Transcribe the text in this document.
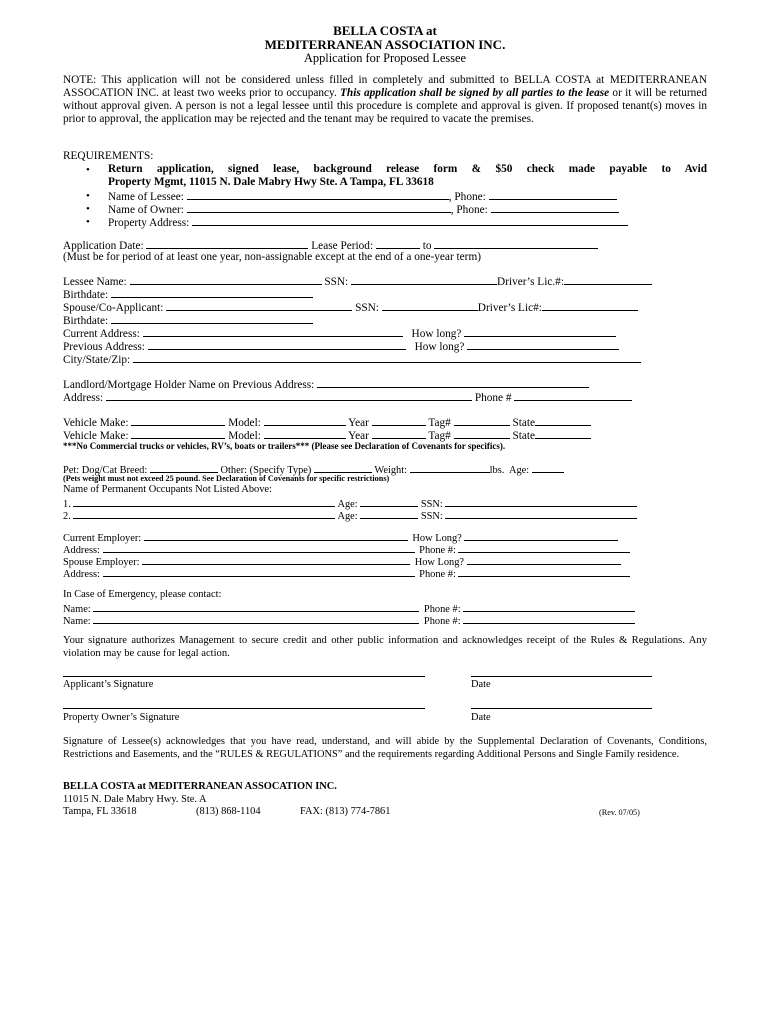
BELLA COSTA at
MEDITERRANEAN ASSOCIATION INC.
Application for Proposed Lessee
NOTE: This application will not be considered unless filled in completely and submitted to BELLA COSTA at MEDITERRANEAN ASSOCATION INC. at least two weeks prior to occupancy. This application shall be signed by all parties to the lease or it will be returned without approval given. A person is not a legal lessee until this procedure is complete and approval is given. If proposed tenant(s) moves in prior to approval, the application may be rejected and the tenant may be required to vacate the premises.
REQUIREMENTS:
• Return application, signed lease, background release form & $50 check made payable to Avid
Property Mgmt, 11015 N. Dale Mabry Hwy Ste. A Tampa, FL 33618
• Name of Lessee:	, Phone:
• Name of Owner:	, Phone:
• Property Address:
Application Date:	Lease Period:	to
(Must be for period of at least one year, non-assignable except at the end of a one-year term)
Lessee Name:	SSN:	Driver’s Lic.#:
Birthdate:
Spouse/Co-Applicant:	SSN:	Driver’s Lic#:
Birthdate:
Current Address:	How long?
Previous Address:	How long?
City/State/Zip:
Landlord/Mortgage Holder Name on Previous Address:
Address:	Phone #
Vehicle Make:	Model:	Year	Tag#	State
Vehicle Make:	Model:	Year	Tag#	State
***No Commercial trucks or vehicles, RV’s, boats or trailers*** (Please see Declaration of Covenants for specifics).
Pet: Dog/Cat Breed:	Other: (Specify Type)	Weight:	lbs. Age:
(Pets weight must not exceed 25 pound. See Declaration of Covenants for specific restrictions)
Name of Permanent Occupants Not Listed Above:
1.	Age:	SSN:
2.	Age:	SSN:
Current Employer:	How Long?
Address:	Phone #:
Spouse Employer:	How Long?
Address:	Phone #:
In Case of Emergency, please contact:
Name:	Phone #:
Name:	Phone #:
Your signature authorizes Management to secure credit and other public information and acknowledges receipt of the Rules & Regulations. Any violation may be cause for legal action.
Applicant’s Signature	Date
Property Owner’s Signature	Date
Signature of Lessee(s) acknowledges that you have read, understand, and will abide by the Supplemental Declaration of Covenants, Conditions, Restrictions and Easements, and the “RULES & REGULATIONS” and the requirements regarding Additional Persons and Single Family residence.
BELLA COSTA at MEDITERRANEAN ASSOCATION INC.
11015 N. Dale Mabry Hwy. Ste. A
Tampa, FL 33618	(813) 868-1104	FAX: (813) 774-7861	(Rev. 07/05)
